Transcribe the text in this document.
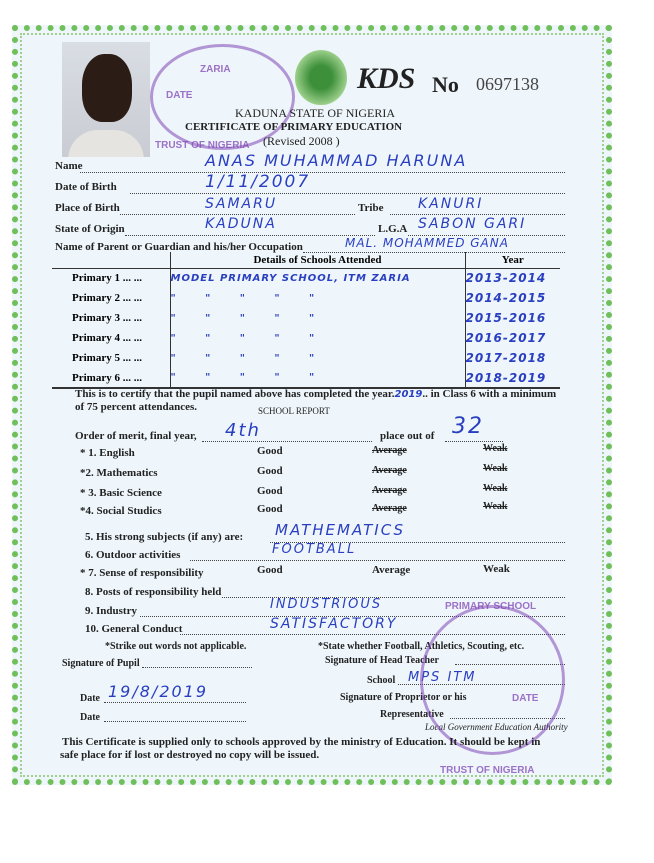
ZARIA
DATE
TRUST OF NIGERIA
KDS No 0697138
KADUNA STATE OF NIGERIA
CERTIFICATE OF PRIMARY EDUCATION
(Revised 2008 )
Name	ANAS MUHAMMAD HARUNA
Date of Birth	1/11/2007
Place of Birth	SAMARU	Tribe KANURI
State of Origin	KADUNA	L.G.A SABON GARI
Name of Parent or Guardian and his/her Occupation	MAL. MOHAMMED GANA
	Details of Schools Attended	Year
Primary 1 ... ...	MODEL PRIMARY SCHOOL, ITM ZARIA	2013-2014
Primary 2 ... ...	"     "     "     "     "	2014-2015
Primary 3 ... ...	"     "     "     "     "	2015-2016
Primary 4 ... ...	"     "     "     "     "	2016-2017
Primary 5 ... ...	"     "     "     "     "	2017-2018
Primary 6 ... ...	"     "     "     "     "	2018-2019
This is to certify that the pupil named above has completed the year.2019.. in Class 6 with a minimum
of 75 percent attendances.	SCHOOL REPORT
Order of merit, final year, 4th	place out of 32
* 1. English	Good	Average	Weak
*2. Mathematics	Good	Average	Weak
* 3. Basic Science	Good	Average	Weak
*4. Social Studics	Good	Average	Weak
5. His strong subjects (if any) are: MATHEMATICS
6. Outdoor activities	FOOTBALL
* 7. Sense of responsibility	Good	Average	Weak
8. Posts of responsibility held
9. Industry	INDUSTRIOUS
10. General Conduct	SATISFACTORY
*Strike out words not applicable.	*State whether Football, Athletics, Scouting, etc.
Signature of Pupil	Signature of Head Teacher
School MPS ITM
Date 19/8/2019	Signature of Proprietor or his
Date	Representative
Local Government Education Authority
PRIMARY SCHOOL
DATE
TRUST OF NIGERIA
This Certificate is supplied only to schools approved by the ministry of Education. It should be kept in
safe place for if lost or destroyed no copy will be issued.
